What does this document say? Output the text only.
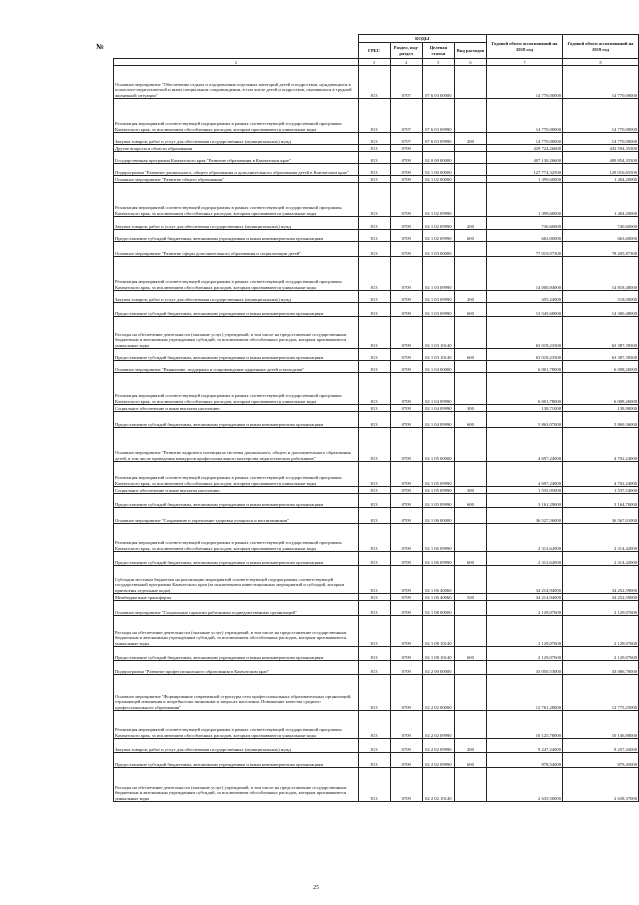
№
	КОДЫ				Годовой объем ассигнований на 2018 год	Годовой объем ассигнований на 2019 год
	ГРБС	Раздел, под-раздел	Целевая статья	Вид расходов		
2	3	4	5	6	7	8
Основное мероприятие "Обеспечение отдыха и оздоровления отдельных категорий детей и подростков, нуждающихся в психолого-педагогической и ином специальном сопровождении, в том числе детей и подростков, оказавшихся в трудной жизненной ситуации"	813	0707	07 6 03 00000		14 770,00000	14 770,00000
Реализация мероприятий соответствующей подпрограммы в рамках соответствующей государственной программы Камчатского края, за исключением обособленных расходов, которым присваиваются уникальные коды	813	0707	07 6 03 09990		14 770,00000	14 770,00000
Закупка товаров, работ и услуг для обеспечения государственных (муниципальных) нужд	813	0707	07 6 03 09990	200	14 770,00000	14 770,00000
Другие вопросы в области образования	813	0709			429 724,26600	432 594,35300
Государственная программа Камчатского края "Развитие образования в Камчатском крае"	813	0709	02 0 00 00000		407 130,26600	409 854,35300
Подпрограмма "Развитие дошкольного, общего образования и дополнительного образования детей в Камчатском крае"	813	0709	02 1 00 00000		127 774,32500	129 016,65500
Основное мероприятие "Развитие общего образования"	813	0709	02 1 02 00000		1 399,60000	1 404,20000
Реализация мероприятий соответствующей подпрограммы в рамках соответствующей государственной программы Камчатского края, за исключением обособленных расходов, которым присваиваются уникальные коды	813	0709	02 1 02 09990		1 399,60000	1 404,20000
Закупка товаров, работ и услуг для обеспечения государственных (муниципальных) нужд	813	0709	02 1 02 09990	200	736,60000	740,60000
Предоставление субсидий бюджетным, автономным учреждениям и иным некоммерческим организациям	813	0709	02 1 02 09990	600	663,00000	663,60000
Основное мероприятие "Развитие сферы дополнительного образования и социализации детей"	813	0709	02 1 03 00000		77 019,07300	78 205,87300
Реализация мероприятий соответствующей подпрограммы в рамках соответствующей государственной программы Камчатского края, за исключением обособленных расходов, которым присваиваются уникальные коды	813	0709	02 1 03 09990		14 000,84000	14 818,48000
Закупка товаров, работ и услуг для обеспечения государственных (муниципальных) нужд	813	0709	02 1 03 09990	200	455,24000	518,00000
Предоставление субсидий бюджетным, автономным учреждениям и иным некоммерческим организациям	813	0709	02 1 03 09990	600	13 545,60000	14 300,48000
Расходы на обеспечение деятельности (оказание услуг) учреждений, в том числе на предоставление государственным бюджетным и автономным учреждениям субсидий, за исключением обособленных расходов, которым присваиваются уникальные коды	813	0709	02 1 03 10140		63 018,23300	63 387,39300
Предоставление субсидий бюджетным, автономным учреждениям и иным некоммерческим организациям	813	0709	02 1 03 10140	600	63 018,23300	63 387,39300
Основное мероприятие "Выявление, поддержка и сопровождение одаренных детей и молодежи"	813	0709	02 1 04 00000		6 001,78000	6 008,26000
Реализация мероприятий соответствующей подпрограммы в рамках соответствующей государственной программы Камчатского края, за исключением обособленных расходов, которым присваиваются уникальные коды	813	0709	02 1 04 09990		6 001,78000	6 008,26000
Социальное обеспечение и иные выплаты населению	813	0709	02 1 04 09990	300	138,71000	138,90000
Предоставление субсидий бюджетным, автономным учреждениям и иным некоммерческим организациям	813	0709	02 1 04 09990	600	5 863,07000	5 869,36000
Основное мероприятие "Развитие кадрового потенциала системы дошкольного, общего и дополнительного образования детей, в том числе проведения конкурсов профессионального мастерства педагогических работников"	813	0709	02 1 05 00000		4 697,24000	4 702,24000
Реализация мероприятий соответствующей подпрограммы в рамках соответствующей государственной программы Камчатского края, за исключением обособленных расходов, которым присваиваются уникальные коды	813	0709	02 1 05 09990		4 697,24000	4 702,24000
Социальное обеспечение и иные выплаты населению	813	0709	02 1 05 09990	300	1 535,95000	1 537,54000
Предоставление субсидий бюджетным, автономным учреждениям и иным некоммерческим организациям	813	0709	02 1 05 09990	600	3 161,29000	3 164,70000
Основное мероприятие "Сохранение и укрепление здоровья учащихся и воспитанников"	813	0709	02 1 06 00000		36 527,56000	36 567,01000
Реализация мероприятий соответствующей подпрограммы в рамках соответствующей государственной программы Камчатского края, за исключением обособленных расходов, которым присваиваются уникальные коды	813	0709	02 1 06 09990		2 312,62000	2 314,42000
Предоставление субсидий бюджетным, автономным учреждениям и иным некоммерческим организациям	813	0709	02 1 06 09990	600	2 312,62000	2 314,42000
Субсидии местным бюджетам на реализацию мероприятий соответствующей подпрограммы соответствующей государственной программы Камчатского края (за исключением инвестиционных мероприятий и субсидий, которым присвоены отдельные коды)	813	0709	02 1 06 40060		34 214,94000	34 252,59000
Межбюджетные трансферты	813	0709	02 1 06 40060	500	34 214,94000	34 252,59000
Основное мероприятие "Социальные гарантии работникам подведомственных организаций"	813	0709	02 1 08 00000		2 129,07600	2 129,07600
Расходы на обеспечение деятельности (оказание услуг) учреждений, в том числе на предоставление государственным бюджетным и автономным учреждениям субсидий, за исключением обособленных расходов, которым присваиваются уникальные коды	813	0709	02 1 08 10140		2 129,07600	2 129,07600
Предоставление субсидий бюджетным, автономным учреждениям и иным некоммерческим организациям	813	0709	02 1 08 10140	600	2 129,07600	2 129,07600
Подпрограмма "Развитие профессионального образования в Камчатском крае"	813	0709	02 2 00 00000		33 050,53000	33 086,78000
Основное мероприятие "Формирование современной структуры сети профессиональных образовательных организаций, отражающей изменения в потребностях экономики и запросах населения. Повышение качества среднего профессионального образования"	813	0709	02 2 02 00000		12 761,28000	12 775,25000
Реализация мероприятий соответствующей подпрограммы в рамках соответствующей государственной программы Камчатского края, за исключением обособленных расходов, которым присваиваются уникальные коды	813	0709	02 2 02 09990		10 125,78000	10 136,88000
Закупка товаров, работ и услуг для обеспечения государственных (муниципальных) нужд	813	0709	02 2 02 09990	200	9 247,24000	9 257,43000
Предоставление субсидий бюджетным, автономным учреждениям и иным некоммерческим организациям	813	0709	02 2 02 09990	600	878,54000	879,45000
Расходы на обеспечение деятельности (оказание услуг) учреждений, в том числе на предоставление государственным бюджетным и автономным учреждениям субсидий, за исключением обособленных расходов, которым присваиваются уникальные коды	813	0709	02 2 02 10140		2 635,50000	2 638,37000
25
